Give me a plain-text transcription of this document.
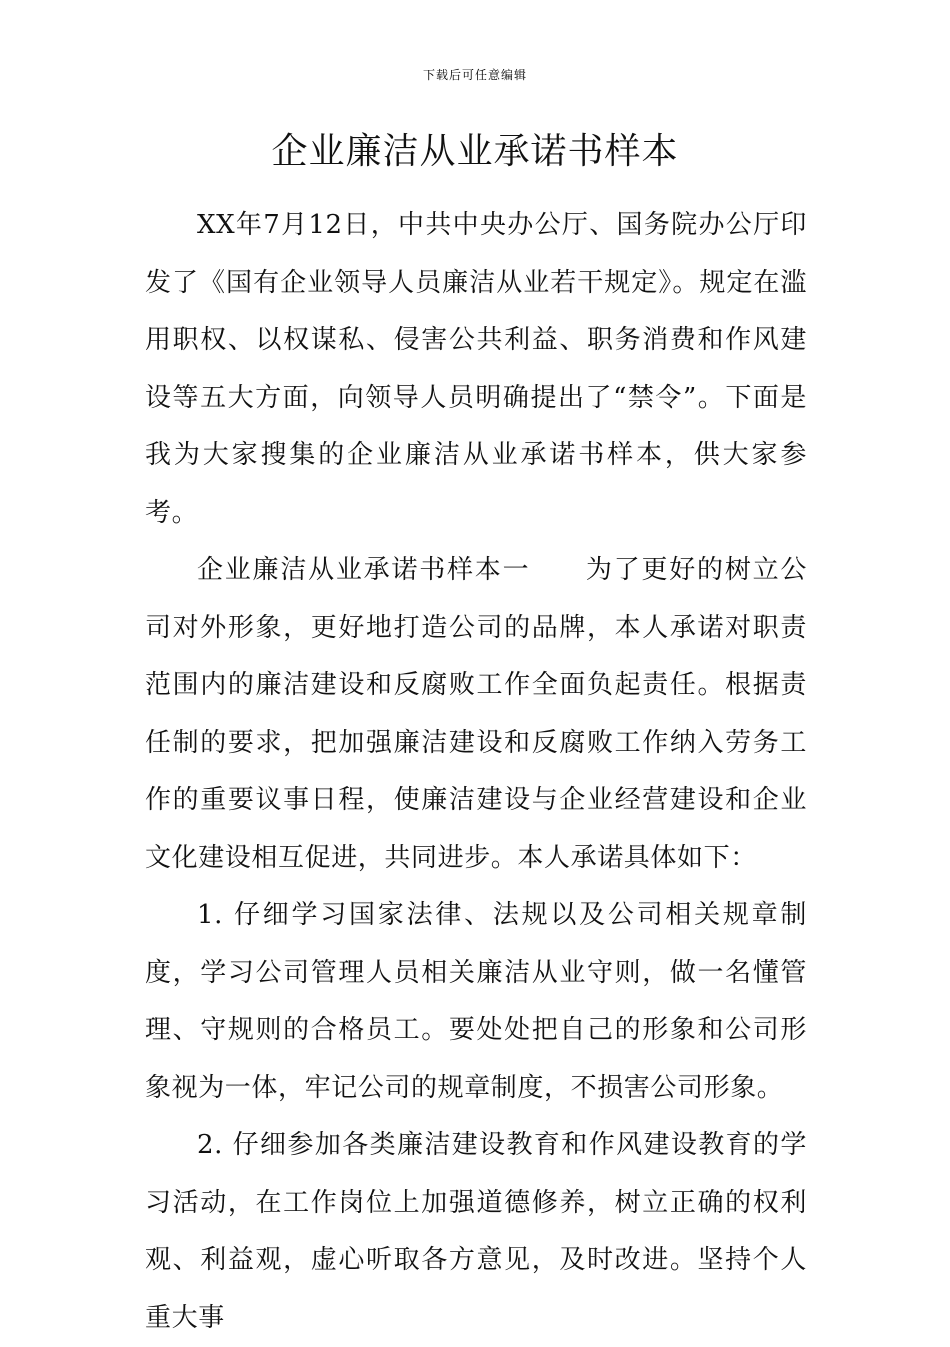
下载后可任意编辑
企业廉洁从业承诺书样本

XX年7月12日，中共中央办公厅、国务院办公厅印发了《国有企业领导人员廉洁从业若干规定》。规定在滥用职权、以权谋私、侵害公共利益、职务消费和作风建设等五大方面，向领导人员明确提出了“禁令”。下面是我为大家搜集的企业廉洁从业承诺书样本，供大家参考。

企业廉洁从业承诺书样本一　　为了更好的树立公司对外形象，更好地打造公司的品牌，本人承诺对职责范围内的廉洁建设和反腐败工作全面负起责任。根据责任制的要求，把加强廉洁建设和反腐败工作纳入劳务工作的重要议事日程，使廉洁建设与企业经营建设和企业文化建设相互促进，共同进步。本人承诺具体如下：

1. 仔细学习国家法律、法规以及公司相关规章制度，学习公司管理人员相关廉洁从业守则，做一名懂管理、守规则的合格员工。要处处把自己的形象和公司形象视为一体，牢记公司的规章制度，不损害公司形象。

2. 仔细参加各类廉洁建设教育和作风建设教育的学习活动，在工作岗位上加强道德修养，树立正确的权利观、利益观，虚心听取各方意见，及时改进。坚持个人重大事
